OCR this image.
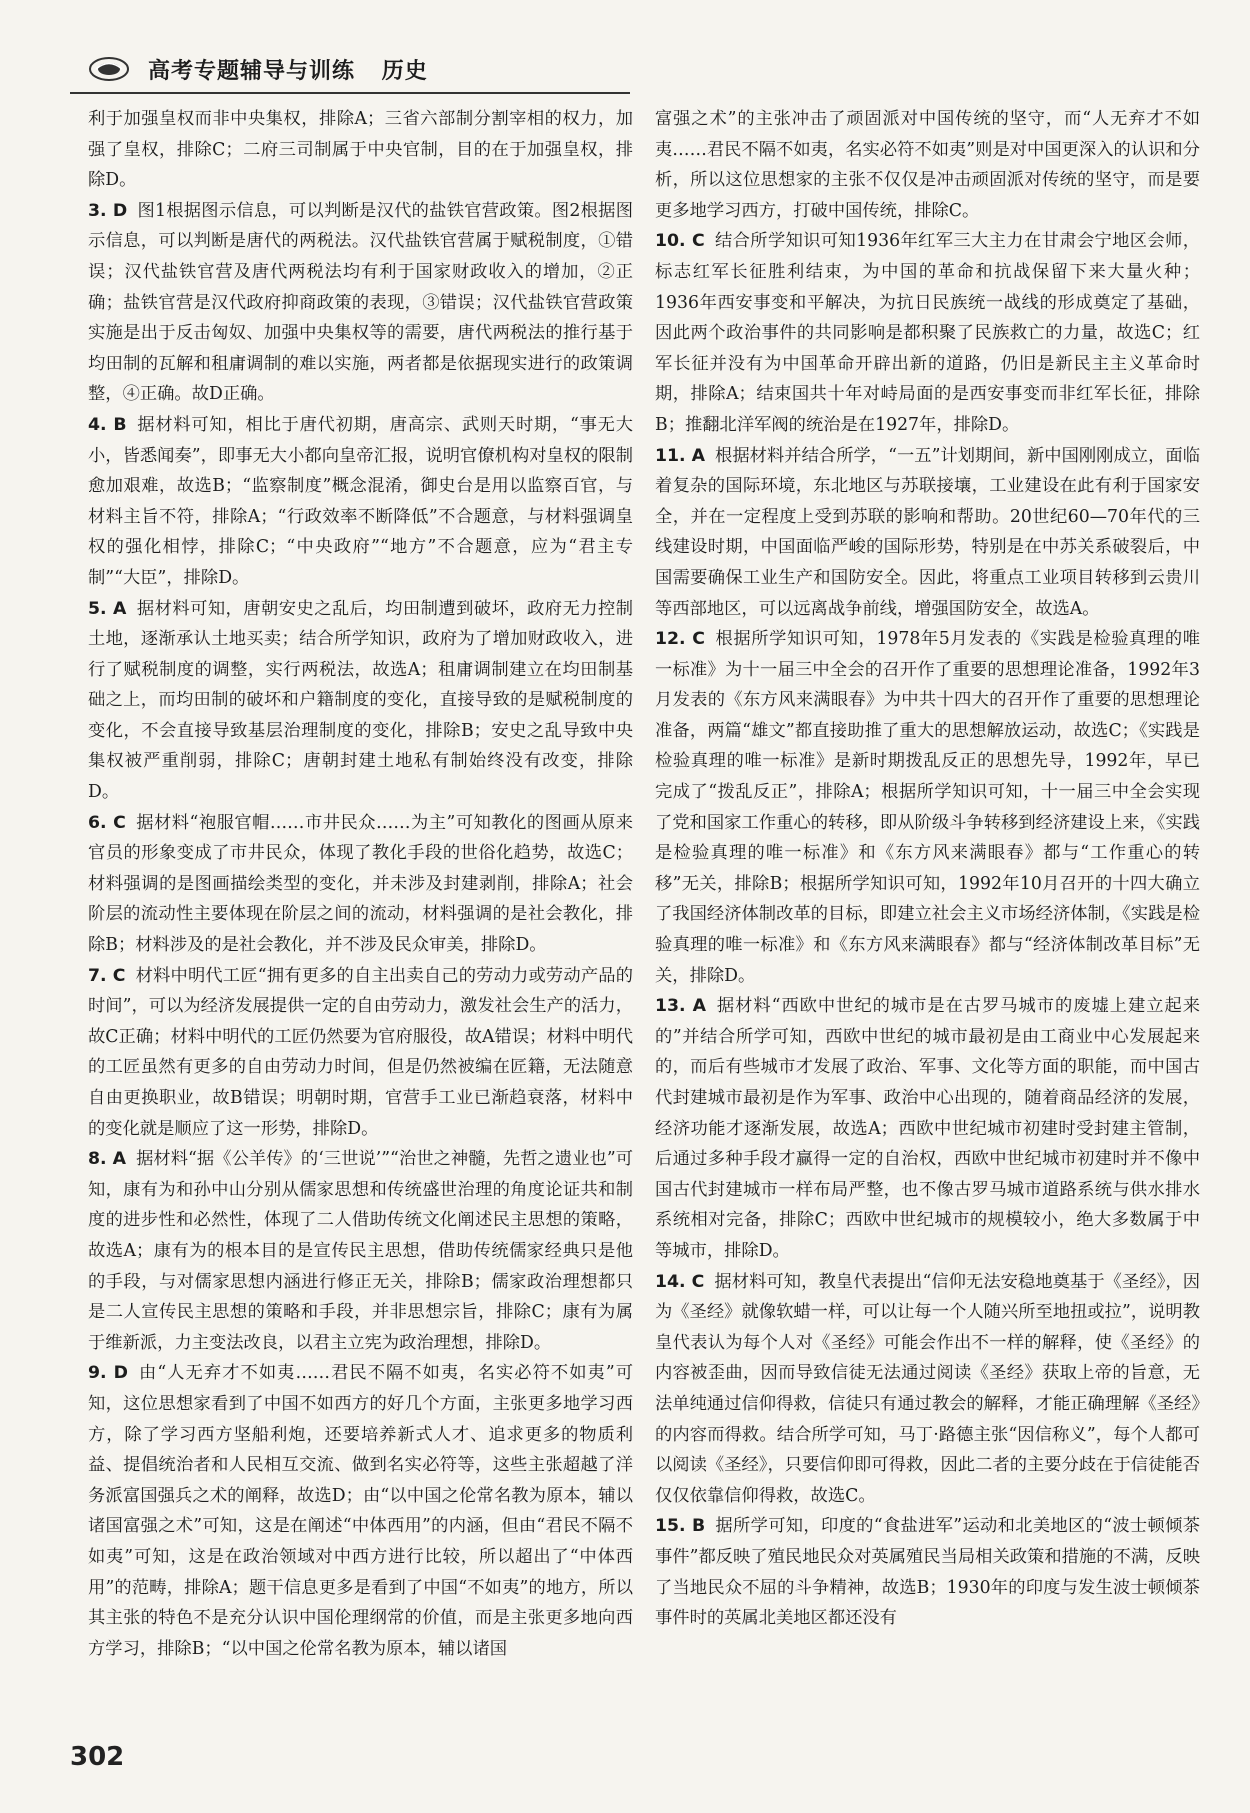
高考专题辅导与训练 历史

利于加强皇权而非中央集权，排除A；三省六部制分割宰相的权力，加强了皇权，排除C；二府三司制属于中央官制，目的在于加强皇权，排除D。

3. D 图1根据图示信息，可以判断是汉代的盐铁官营政策。图2根据图示信息，可以判断是唐代的两税法。汉代盐铁官营属于赋税制度，①错误；汉代盐铁官营及唐代两税法均有利于国家财政收入的增加，②正确；盐铁官营是汉代政府抑商政策的表现，③错误；汉代盐铁官营政策实施是出于反击匈奴、加强中央集权等的需要，唐代两税法的推行基于均田制的瓦解和租庸调制的难以实施，两者都是依据现实进行的政策调整，④正确。故D正确。

4. B 据材料可知，相比于唐代初期，唐高宗、武则天时期，“事无大小，皆悉闻奏”，即事无大小都向皇帝汇报，说明官僚机构对皇权的限制愈加艰难，故选B；“监察制度”概念混淆，御史台是用以监察百官，与材料主旨不符，排除A；“行政效率不断降低”不合题意，与材料强调皇权的强化相悖，排除C；“中央政府”“地方”不合题意，应为“君主专制”“大臣”，排除D。

5. A 据材料可知，唐朝安史之乱后，均田制遭到破坏，政府无力控制土地，逐渐承认土地买卖；结合所学知识，政府为了增加财政收入，进行了赋税制度的调整，实行两税法，故选A；租庸调制建立在均田制基础之上，而均田制的破坏和户籍制度的变化，直接导致的是赋税制度的变化，不会直接导致基层治理制度的变化，排除B；安史之乱导致中央集权被严重削弱，排除C；唐朝封建土地私有制始终没有改变，排除D。

6. C 据材料“袍服官帽……市井民众……为主”可知教化的图画从原来官员的形象变成了市井民众，体现了教化手段的世俗化趋势，故选C；材料强调的是图画描绘类型的变化，并未涉及封建剥削，排除A；社会阶层的流动性主要体现在阶层之间的流动，材料强调的是社会教化，排除B；材料涉及的是社会教化，并不涉及民众审美，排除D。

7. C 材料中明代工匠“拥有更多的自主出卖自己的劳动力或劳动产品的时间”，可以为经济发展提供一定的自由劳动力，激发社会生产的活力，故C正确；材料中明代的工匠仍然要为官府服役，故A错误；材料中明代的工匠虽然有更多的自由劳动力时间，但是仍然被编在匠籍，无法随意自由更换职业，故B错误；明朝时期，官营手工业已渐趋衰落，材料中的变化就是顺应了这一形势，排除D。

8. A 据材料“据《公羊传》的‘三世说’”“治世之神髓，先哲之遗业也”可知，康有为和孙中山分别从儒家思想和传统盛世治理的角度论证共和制度的进步性和必然性，体现了二人借助传统文化阐述民主思想的策略，故选A；康有为的根本目的是宣传民主思想，借助传统儒家经典只是他的手段，与对儒家思想内涵进行修正无关，排除B；儒家政治理想都只是二人宣传民主思想的策略和手段，并非思想宗旨，排除C；康有为属于维新派，力主变法改良，以君主立宪为政治理想，排除D。

9. D 由“人无弃才不如夷……君民不隔不如夷，名实必符不如夷”可知，这位思想家看到了中国不如西方的好几个方面，主张更多地学习西方，除了学习西方坚船利炮，还要培养新式人才、追求更多的物质利益、提倡统治者和人民相互交流、做到名实必符等，这些主张超越了洋务派富国强兵之术的阐释，故选D；由“以中国之伦常名教为原本，辅以诸国富强之术”可知，这是在阐述“中体西用”的内涵，但由“君民不隔不如夷”可知，这是在政治领域对中西方进行比较，所以超出了“中体西用”的范畴，排除A；题干信息更多是看到了中国“不如夷”的地方，所以其主张的特色不是充分认识中国伦理纲常的价值，而是主张更多地向西方学习，排除B；“以中国之伦常名教为原本，辅以诸国

富强之术”的主张冲击了顽固派对中国传统的坚守，而“人无弃才不如夷……君民不隔不如夷，名实必符不如夷”则是对中国更深入的认识和分析，所以这位思想家的主张不仅仅是冲击顽固派对传统的坚守，而是要更多地学习西方，打破中国传统，排除C。

10. C 结合所学知识可知1936年红军三大主力在甘肃会宁地区会师，标志红军长征胜利结束，为中国的革命和抗战保留下来大量火种；1936年西安事变和平解决，为抗日民族统一战线的形成奠定了基础，因此两个政治事件的共同影响是都积聚了民族救亡的力量，故选C；红军长征并没有为中国革命开辟出新的道路，仍旧是新民主主义革命时期，排除A；结束国共十年对峙局面的是西安事变而非红军长征，排除B；推翻北洋军阀的统治是在1927年，排除D。

11. A 根据材料并结合所学，“一五”计划期间，新中国刚刚成立，面临着复杂的国际环境，东北地区与苏联接壤，工业建设在此有利于国家安全，并在一定程度上受到苏联的影响和帮助。20世纪60—70年代的三线建设时期，中国面临严峻的国际形势，特别是在中苏关系破裂后，中国需要确保工业生产和国防安全。因此，将重点工业项目转移到云贵川等西部地区，可以远离战争前线，增强国防安全，故选A。

12. C 根据所学知识可知，1978年5月发表的《实践是检验真理的唯一标准》为十一届三中全会的召开作了重要的思想理论准备，1992年3月发表的《东方风来满眼春》为中共十四大的召开作了重要的思想理论准备，两篇“雄文”都直接助推了重大的思想解放运动，故选C；《实践是检验真理的唯一标准》是新时期拨乱反正的思想先导，1992年，早已完成了“拨乱反正”，排除A；根据所学知识可知，十一届三中全会实现了党和国家工作重心的转移，即从阶级斗争转移到经济建设上来，《实践是检验真理的唯一标准》和《东方风来满眼春》都与“工作重心的转移”无关，排除B；根据所学知识可知，1992年10月召开的十四大确立了我国经济体制改革的目标，即建立社会主义市场经济体制，《实践是检验真理的唯一标准》和《东方风来满眼春》都与“经济体制改革目标”无关，排除D。

13. A 据材料“西欧中世纪的城市是在古罗马城市的废墟上建立起来的”并结合所学可知，西欧中世纪的城市最初是由工商业中心发展起来的，而后有些城市才发展了政治、军事、文化等方面的职能，而中国古代封建城市最初是作为军事、政治中心出现的，随着商品经济的发展，经济功能才逐渐发展，故选A；西欧中世纪城市初建时受封建主管制，后通过多种手段才赢得一定的自治权，西欧中世纪城市初建时并不像中国古代封建城市一样布局严整，也不像古罗马城市道路系统与供水排水系统相对完备，排除C；西欧中世纪城市的规模较小，绝大多数属于中等城市，排除D。

14. C 据材料可知，教皇代表提出“信仰无法安稳地奠基于《圣经》，因为《圣经》就像软蜡一样，可以让每一个人随兴所至地扭或拉”，说明教皇代表认为每个人对《圣经》可能会作出不一样的解释，使《圣经》的内容被歪曲，因而导致信徒无法通过阅读《圣经》获取上帝的旨意，无法单纯通过信仰得救，信徒只有通过教会的解释，才能正确理解《圣经》的内容而得救。结合所学可知，马丁·路德主张“因信称义”，每个人都可以阅读《圣经》，只要信仰即可得救，因此二者的主要分歧在于信徒能否仅仅依靠信仰得救，故选C。

15. B 据所学可知，印度的“食盐进军”运动和北美地区的“波士顿倾茶事件”都反映了殖民地民众对英属殖民当局相关政策和措施的不满，反映了当地民众不屈的斗争精神，故选B；1930年的印度与发生波士顿倾茶事件时的英属北美地区都还没有

302
